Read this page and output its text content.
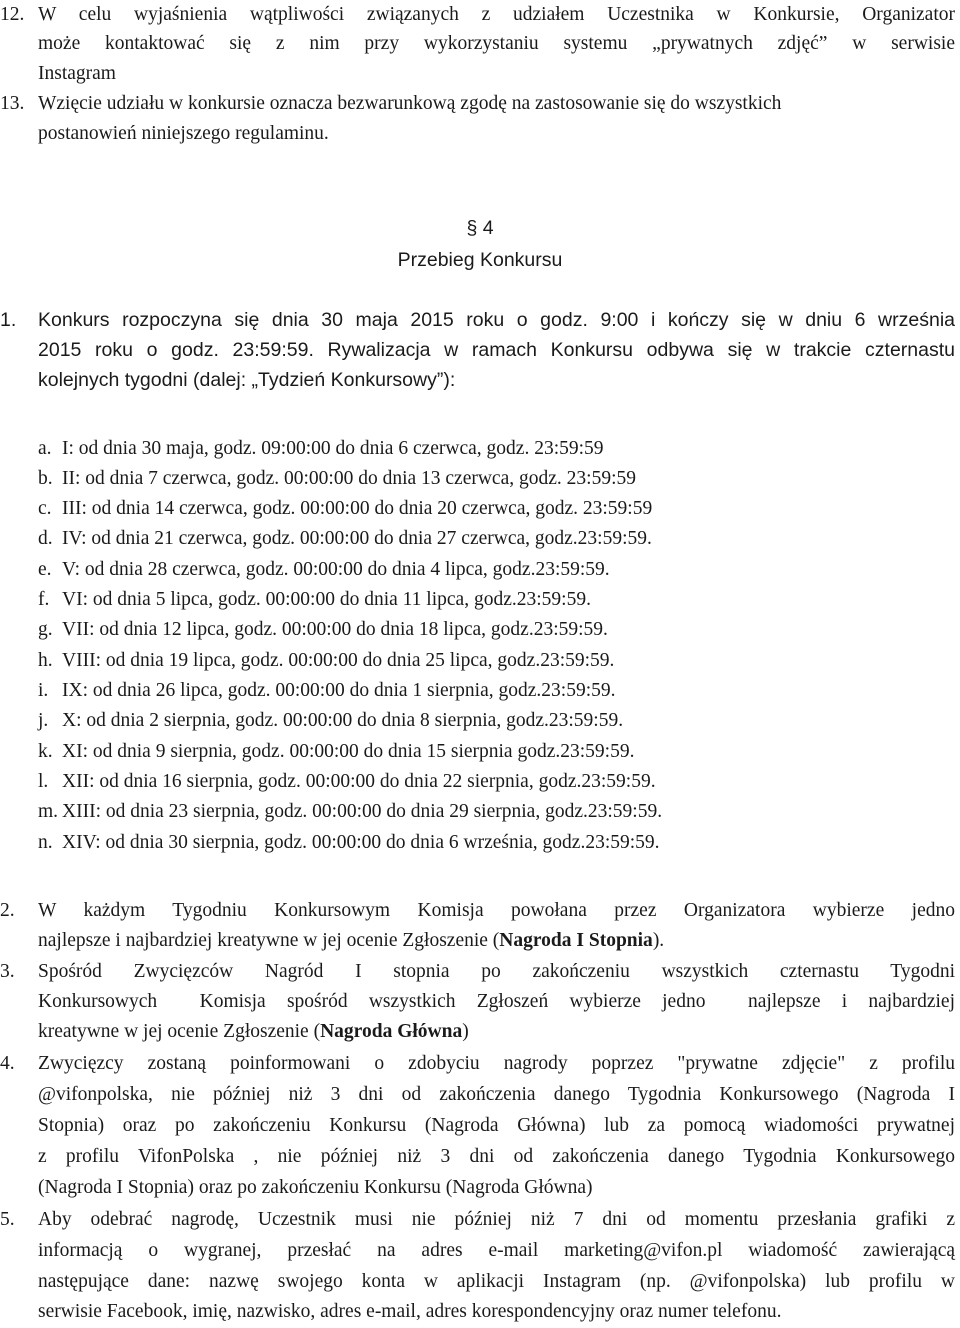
12. W celu wyjaśnienia wątpliwości związanych z udziałem Uczestnika w Konkursie, Organizator
może kontaktować się z nim przy wykorzystaniu systemu „prywatnych zdjęć” w serwisie
Instagram
13. Wzięcie udziału w konkursie oznacza bezwarunkową zgodę na zastosowanie się do wszystkich
postanowień niniejszego regulaminu.
§ 4
Przebieg Konkursu
1.	Konkurs rozpoczyna się dnia 30 maja 2015 roku o godz. 9:00 i kończy się w dniu 6 września
2015 roku o godz. 23:59:59. Rywalizacja w ramach Konkursu odbywa się w trakcie czternastu
kolejnych tygodni (dalej: „Tydzień Konkursowy”):
a. I: od dnia 30 maja, godz. 09:00:00 do dnia 6 czerwca, godz. 23:59:59
b. II: od dnia 7 czerwca, godz. 00:00:00 do dnia 13 czerwca, godz. 23:59:59
c. III: od dnia 14 czerwca, godz. 00:00:00 do dnia 20 czerwca, godz. 23:59:59
d. IV: od dnia 21 czerwca, godz. 00:00:00 do dnia 27 czerwca, godz.23:59:59.
e. V: od dnia 28 czerwca, godz. 00:00:00 do dnia 4 lipca, godz.23:59:59.
f. VI: od dnia 5 lipca, godz. 00:00:00 do dnia 11 lipca, godz.23:59:59.
g. VII: od dnia 12 lipca, godz. 00:00:00 do dnia 18 lipca, godz.23:59:59.
h. VIII: od dnia 19 lipca, godz. 00:00:00 do dnia 25 lipca, godz.23:59:59.
i. IX: od dnia 26 lipca, godz. 00:00:00 do dnia 1 sierpnia, godz.23:59:59.
j. X: od dnia 2 sierpnia, godz. 00:00:00 do dnia 8 sierpnia, godz.23:59:59.
k. XI: od dnia 9 sierpnia, godz. 00:00:00 do dnia 15 sierpnia godz.23:59:59.
l. XII: od dnia 16 sierpnia, godz. 00:00:00 do dnia 22 sierpnia, godz.23:59:59.
m. XIII: od dnia 23 sierpnia, godz. 00:00:00 do dnia 29 sierpnia, godz.23:59:59.
n. XIV: od dnia 30 sierpnia, godz. 00:00:00 do dnia 6 września, godz.23:59:59.
2.	W każdym Tygodniu Konkursowym Komisja powołana przez Organizatora wybierze jedno
najlepsze i najbardziej kreatywne w jej ocenie Zgłoszenie (Nagroda I Stopnia).
3.	Spośród Zwycięzców Nagród I stopnia po zakończeniu wszystkich czternastu Tygodni
Konkursowych  Komisja spośród wszystkich Zgłoszeń wybierze jedno  najlepsze i najbardziej
kreatywne w jej ocenie Zgłoszenie (Nagroda Główna)
4.	Zwycięzcy zostaną poinformowani o zdobyciu nagrody poprzez "prywatne zdjęcie" z profilu
@vifonpolska, nie później niż 3 dni od zakończenia danego Tygodnia Konkursowego (Nagroda I
Stopnia) oraz po zakończeniu Konkursu (Nagroda Główna) lub za pomocą wiadomości prywatnej
z profilu VifonPolska , nie później niż 3 dni od zakończenia danego Tygodnia Konkursowego
(Nagroda I Stopnia) oraz po zakończeniu Konkursu (Nagroda Główna)
5.	Aby odebrać nagrodę, Uczestnik musi nie później niż 7 dni od momentu przesłania grafiki z
informacją o wygranej, przesłać na adres e-mail marketing@vifon.pl wiadomość zawierającą
następujące dane: nazwę swojego konta w aplikacji Instagram (np. @vifonpolska) lub profilu w
serwisie Facebook, imię, nazwisko, adres e-mail, adres korespondencyjny oraz numer telefonu.
